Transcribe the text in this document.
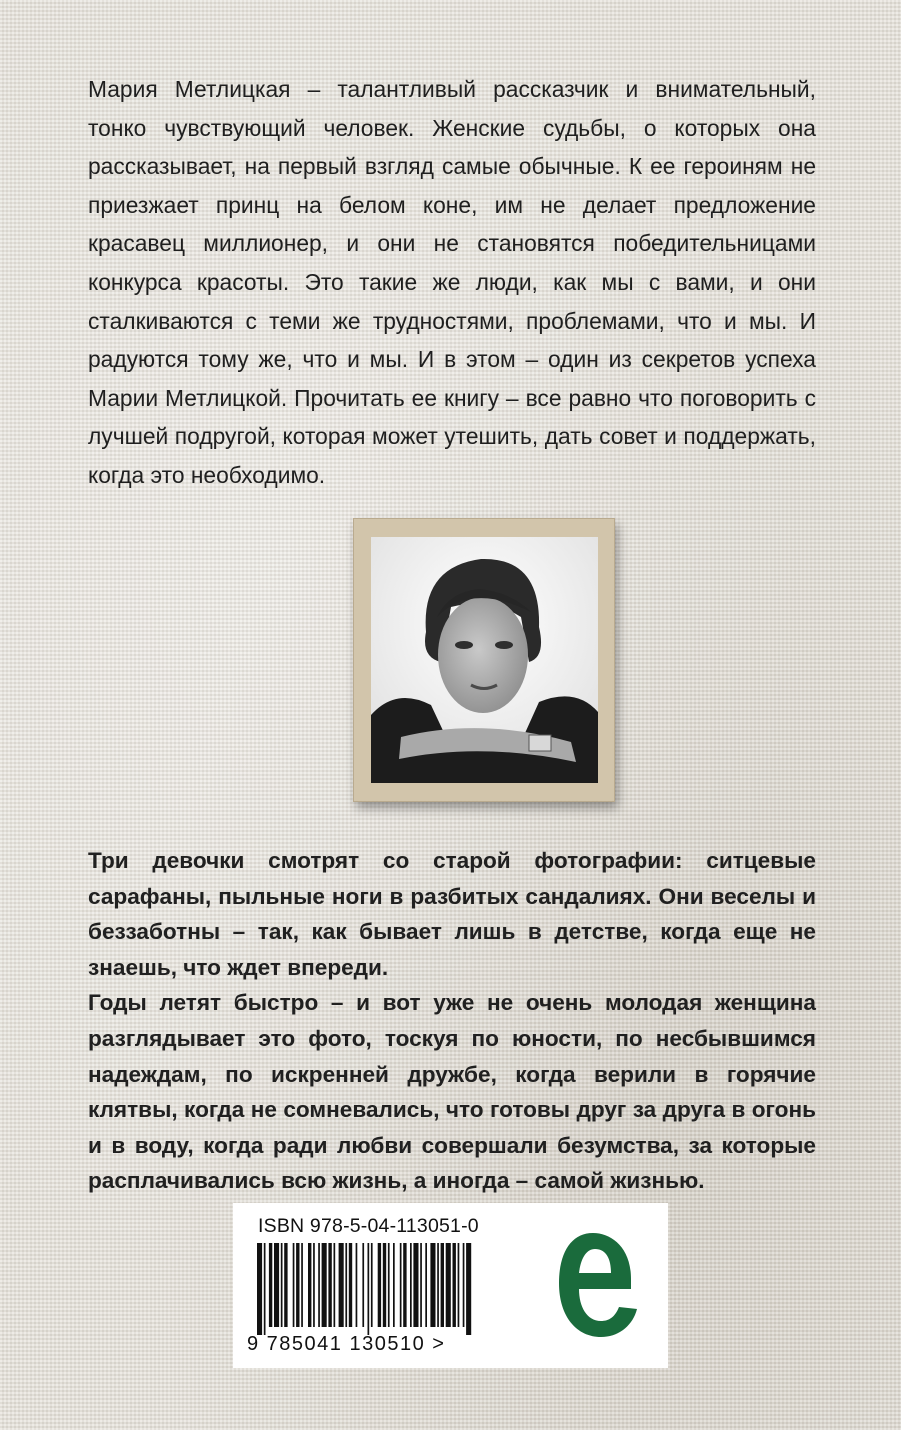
Мария Метлицкая – талантливый рассказчик и внимательный, тонко чувствующий человек. Женские судьбы, о которых она рассказывает, на первый взгляд самые обычные. К ее героиням не приезжает принц на белом коне, им не делает предложение красавец миллионер, и они не становятся победительницами конкурса красоты. Это такие же люди, как мы с вами, и они сталкиваются с теми же трудностями, проблемами, что и мы. И радуются тому же, что и мы. И в этом – один из секретов успеха Марии Метлицкой. Прочитать ее книгу – все равно что поговорить с лучшей подругой, которая может утешить, дать совет и поддержать, когда это необходимо.

Три девочки смотрят со старой фотографии: ситцевые сарафаны, пыльные ноги в разбитых сандалиях. Они веселы и беззаботны – так, как бывает лишь в детстве, когда еще не знаешь, что ждет впереди.

Годы летят быстро – и вот уже не очень молодая женщина разглядывает это фото, тоскуя по юности, по несбывшимся надеждам, по искренней дружбе, когда верили в горячие клятвы, когда не сомневались, что готовы друг за друга в огонь и в воду, когда ради любви совершали безумства, за которые расплачивались всю жизнь, а иногда – самой жизнью.

ISBN 978-5-04-113051-0
9 785041 130510 >
